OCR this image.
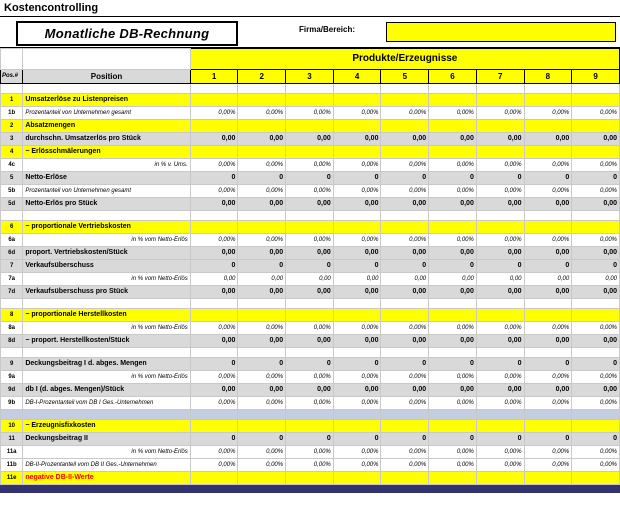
Kostencontrolling
Monatliche DB-Rechnung	Firma/Bereich:
		Produkte/Erzeugnisse								
Pos.#	Position	1	2	3	4	5	6	7	8	9

1	Umsatzerlöse zu Listenpreisen									
1b	Prozentanteil von Unternehmen gesamt	0,00%	0,00%	0,00%	0,00%	0,00%	0,00%	0,00%	0,00%	0,00%
2	Absatzmengen									
3	durchschn. Umsatzerlös pro Stück	0,00	0,00	0,00	0,00	0,00	0,00	0,00	0,00	0,00
4	− Erlösschmälerungen									
4c	in % v. Ums.	0,00%	0,00%	0,00%	0,00%	0,00%	0,00%	0,00%	0,00%	0,00%
5	Netto-Erlöse	0	0	0	0	0	0	0	0	0
5b	Prozentanteil von Unternehmen gesamt	0,00%	0,00%	0,00%	0,00%	0,00%	0,00%	0,00%	0,00%	0,00%
5d	Netto-Erlös pro Stück	0,00	0,00	0,00	0,00	0,00	0,00	0,00	0,00	0,00

6	− proportionale Vertriebskosten									
6a	in % vom Netto-Erlös	0,00%	0,00%	0,00%	0,00%	0,00%	0,00%	0,00%	0,00%	0,00%
6d	proport. Vertriebskosten/Stück	0,00	0,00	0,00	0,00	0,00	0,00	0,00	0,00	0,00
7	Verkaufsüberschuss	0	0	0	0	0	0	0	0	0
7a	in % vom Netto-Erlös	0,00	0,00	0,00	0,00	0,00	0,00	0,00	0,00	0,00
7d	Verkaufsüberschuss pro Stück	0,00	0,00	0,00	0,00	0,00	0,00	0,00	0,00	0,00

8	− proportionale Herstellkosten									
8a	in % vom Netto-Erlös	0,00%	0,00%	0,00%	0,00%	0,00%	0,00%	0,00%	0,00%	0,00%
8d	− proport. Herstellkosten/Stück	0,00	0,00	0,00	0,00	0,00	0,00	0,00	0,00	0,00

9	Deckungsbeitrag I d. abges. Mengen	0	0	0	0	0	0	0	0	0
9a	in % vom Netto-Erlös	0,00%	0,00%	0,00%	0,00%	0,00%	0,00%	0,00%	0,00%	0,00%
9d	db I (d. abges. Mengen)/Stück	0,00	0,00	0,00	0,00	0,00	0,00	0,00	0,00	0,00
9b	DB-I-Prozentanteil vom DB I Ges.-Unternehmen	0,00%	0,00%	0,00%	0,00%	0,00%	0,00%	0,00%	0,00%	0,00%

10	− Erzeugnisfixkosten									
11	Deckungsbeitrag II	0	0	0	0	0	0	0	0	0
11a	in % vom Netto-Erlös	0,00%	0,00%	0,00%	0,00%	0,00%	0,00%	0,00%	0,00%	0,00%
11b	DB-II-Prozentanteil vom DB II Ges.-Unternehmen	0,00%	0,00%	0,00%	0,00%	0,00%	0,00%	0,00%	0,00%	0,00%
11e	negative DB-II-Werte									
